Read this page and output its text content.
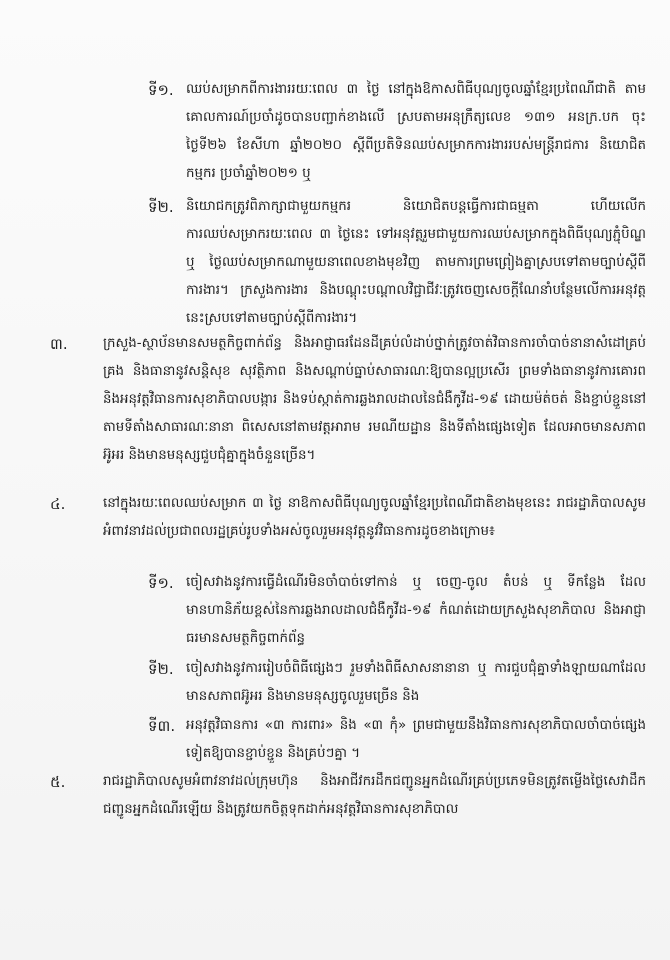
ទី១. ឈប់សម្រាកពីការងាររយៈពេល ៣ ថ្ងៃ នៅក្នុងឱកាសពិធីបុណ្យចូលឆ្នាំខ្មែរប្រពៃណីជាតិ តាមគោលការណ៍ប្រចាំដូចបានបញ្ជាក់ខាងលើ ស្របតាមអនុក្រឹត្យលេខ ១៣១ អនក្រ.បក ចុះថ្ងៃទី២៦ ខែសីហា ឆ្នាំ២០២០ ស្តីពីប្រតិទិនឈប់សម្រាកការងាររបស់មន្ត្រីរាជការ និយោជិត កម្មករ ប្រចាំឆ្នាំ២០២១ ឬ
ទី២. និយោជកត្រូវពិភាក្សាជាមួយកម្មករ និយោជិតបន្តធ្វើការជាធម្មតា ហើយលើកការឈប់សម្រាករយៈពេល ៣ ថ្ងៃនេះ ទៅអនុវត្តរួមជាមួយការឈប់សម្រាកក្នុងពិធីបុណ្យភ្ជុំបិណ្ឌ ឬ ថ្ងៃឈប់សម្រាកណាមួយនាពេលខាងមុខវិញ តាមការព្រមព្រៀងគ្នាស្របទៅតាមច្បាប់ស្តីពីការងារ។ ក្រសួងការងារ និងបណ្តុះបណ្តាលវិជ្ជាជីវៈត្រូវចេញសេចក្តីណែនាំបន្ថែមលើការអនុវត្តនេះស្របទៅតាមច្បាប់ស្តីពីការងារ។
៣.	ក្រសួង-ស្ថាប័នមានសមត្ថកិច្ចពាក់ព័ន្ធ និងអាជ្ញាធរដែនដីគ្រប់លំដាប់ថ្នាក់ត្រូវចាត់វិធានការចាំបាច់នានាសំដៅគ្រប់គ្រង និងធានានូវសន្តិសុខ សុវត្ថិភាព និងសណ្តាប់ធ្នាប់សាធារណៈឱ្យបានល្អប្រសើរ ព្រមទាំងធានានូវការគោរព និងអនុវត្តវិធានការសុខាភិបាលបង្ការ និងទប់ស្កាត់ការឆ្លងរាលដាលនៃជំងឺកូវីដ-១៩ ដោយម៉ត់ចត់ និងខ្ជាប់ខ្ជួននៅតាមទីតាំងសាធារណៈនានា ពិសេសនៅតាមវត្តអារាម រមណីយដ្ឋាន និងទីតាំងផ្សេងទៀត ដែលអាចមានសភាពអ៊ូអរ និងមានមនុស្សជួបជុំគ្នាក្នុងចំនួនច្រើន។
៤.	នៅក្នុងរយៈពេលឈប់សម្រាក ៣ ថ្ងៃ នាឱកាសពិធីបុណ្យចូលឆ្នាំខ្មែរប្រពៃណីជាតិខាងមុខនេះ រាជរដ្ឋាភិបាលសូមអំពាវនាវដល់ប្រជាពលរដ្ឋគ្រប់រូបទាំងអស់ចូលរួមអនុវត្តនូវវិធានការដូចខាងក្រោម៖
ទី១. ចៀសវាងនូវការធ្វើដំណើរមិនចាំបាច់ទៅកាន់ ឬ ចេញ-ចូល តំបន់ ឬ ទីកន្លែង ដែលមានហានិភ័យខ្ពស់នៃការឆ្លងរាលដាលជំងឺកូវីដ-១៩ កំណត់ដោយក្រសួងសុខាភិបាល និងអាជ្ញាធរមានសមត្ថកិច្ចពាក់ព័ន្ធ
ទី២. ចៀសវាងនូវការរៀបចំពិធីផ្សេងៗ រួមទាំងពិធីសាសនានានា ឬ ការជួបជុំគ្នាទាំងឡាយណាដែលមានសភាពអ៊ូអរ និងមានមនុស្សចូលរួមច្រើន និង
ទី៣. អនុវត្តវិធានការ «៣ ការពារ» និង «៣ កុំ» ព្រមជាមួយនឹងវិធានការសុខាភិបាលចាំបាច់ផ្សេងទៀតឱ្យបានខ្ជាប់ខ្ជួន និងគ្រប់ៗគ្នា ។
៥.	រាជរដ្ឋាភិបាលសូមអំពាវនាវដល់ក្រុមហ៊ុន និងអាជីវករដឹកជញ្ជូនអ្នកដំណើរគ្រប់ប្រភេទមិនត្រូវតម្លើងថ្លៃសេវាដឹកជញ្ជូនអ្នកដំណើរឡើយ និងត្រូវយកចិត្តទុកដាក់អនុវត្តវិធានការសុខាភិបាល
